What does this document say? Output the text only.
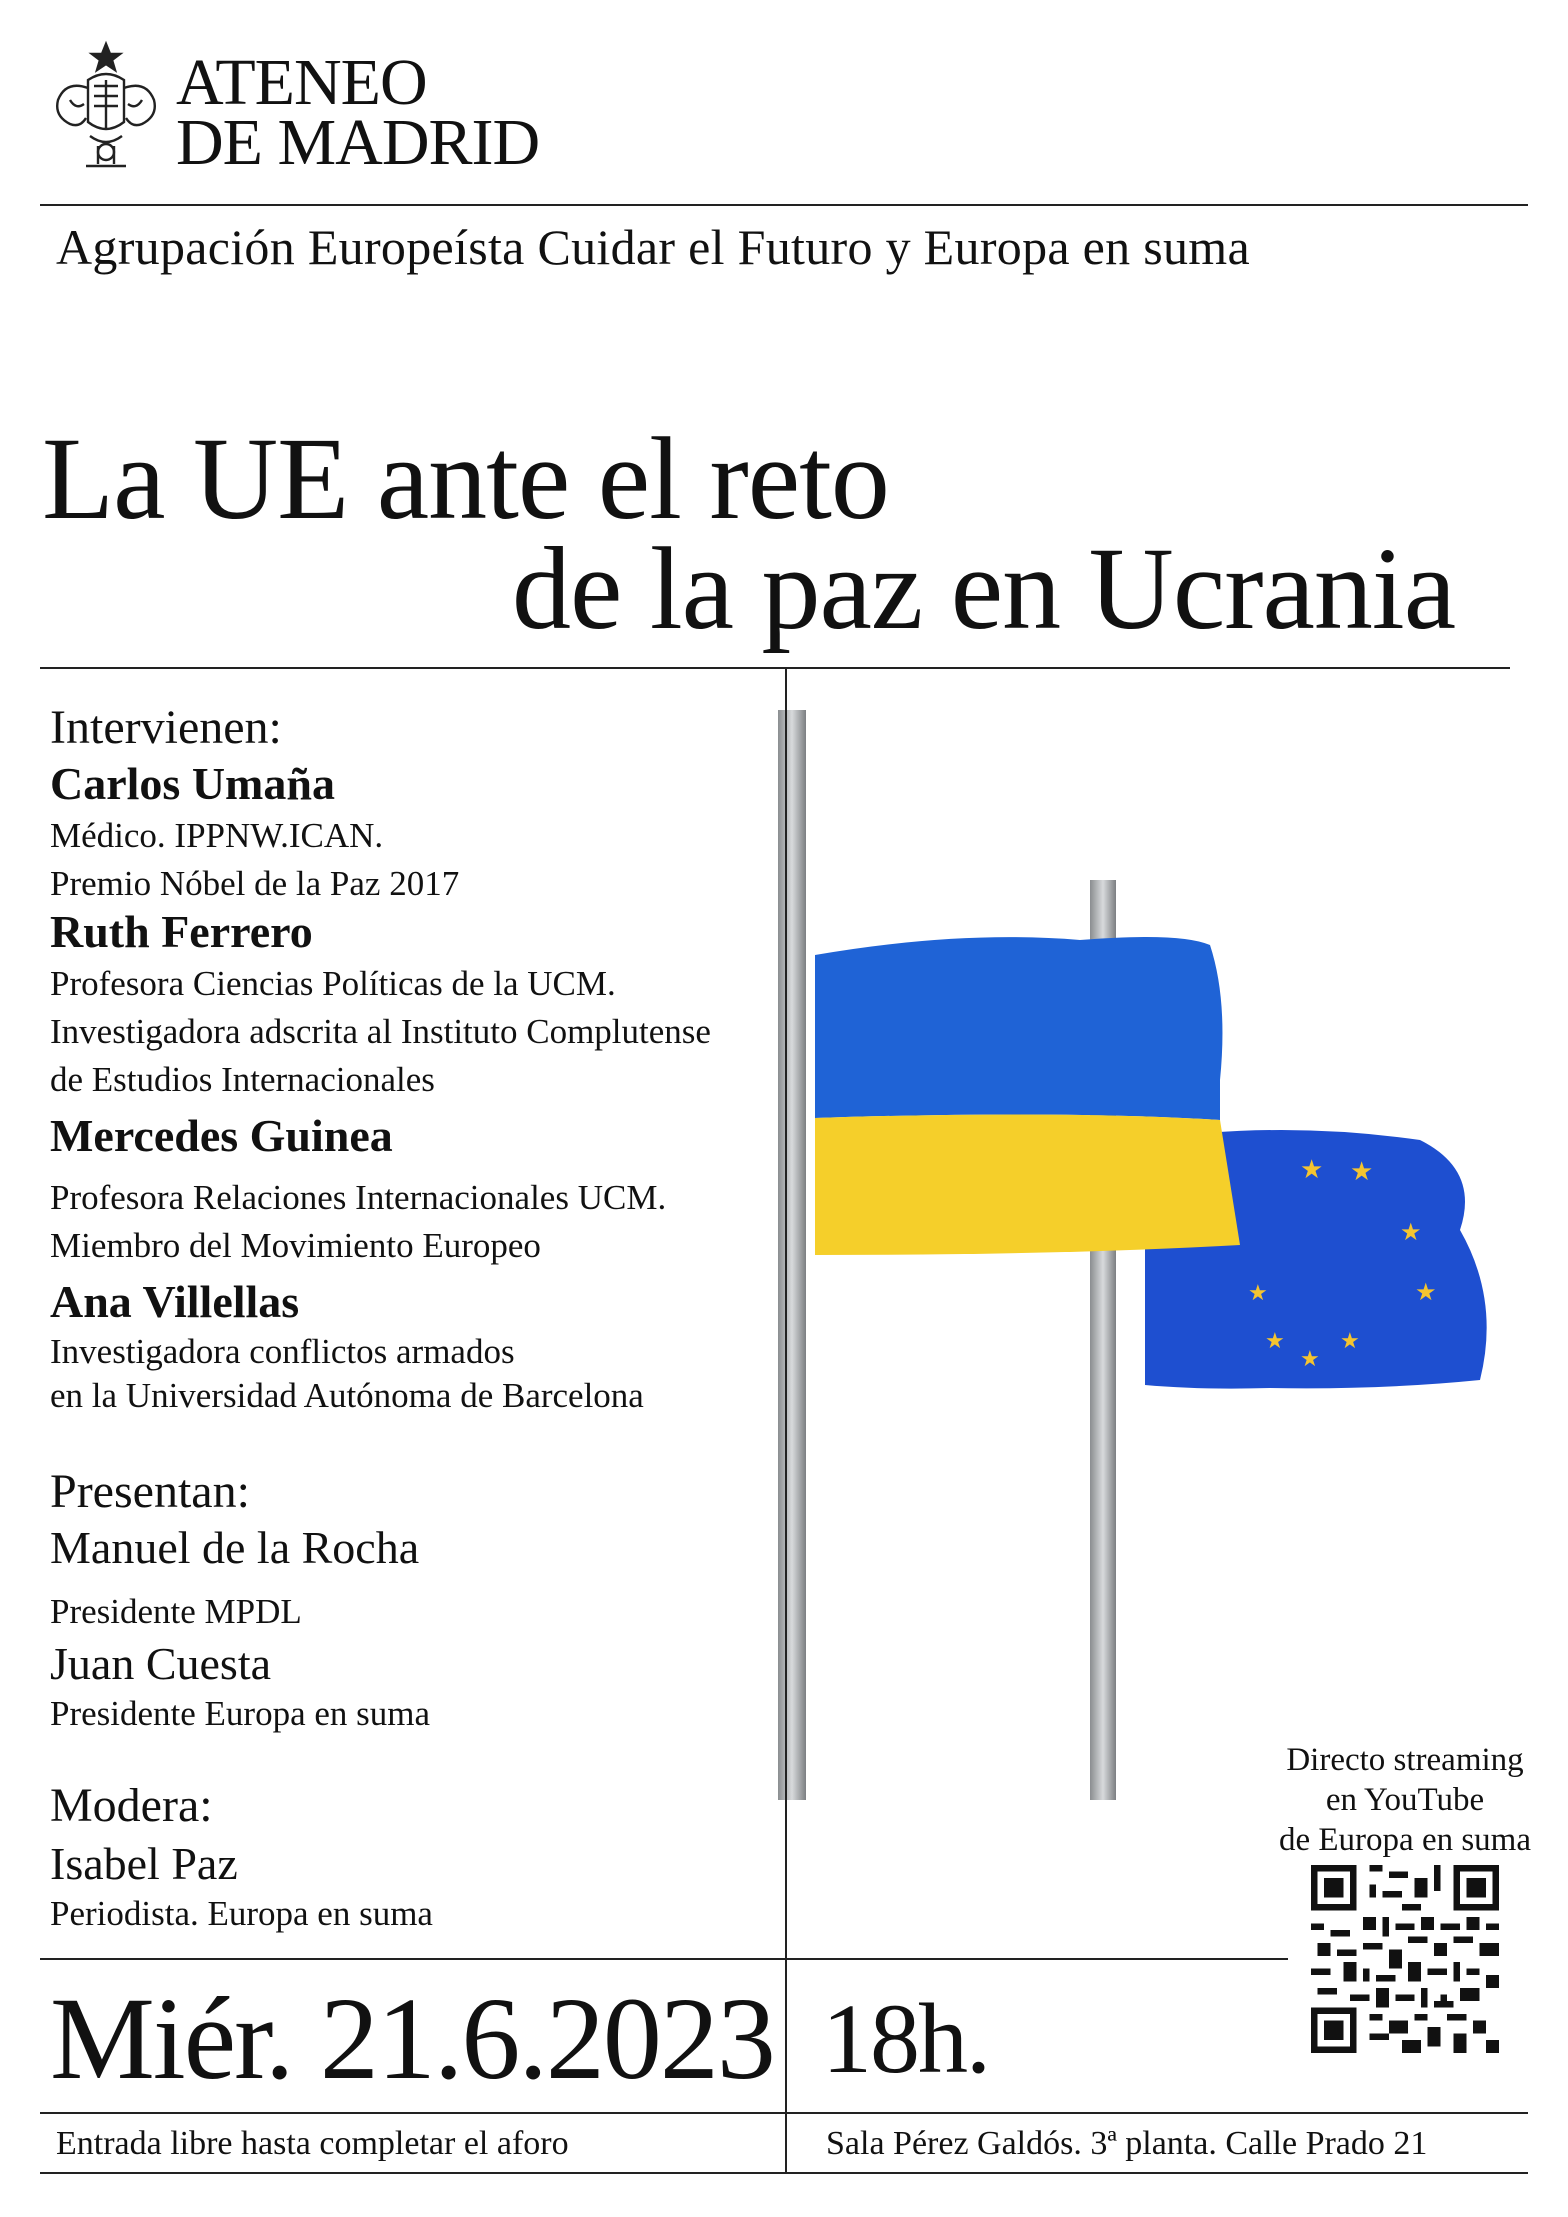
ATENEO
DE MADRID
Agrupación Europeísta Cuidar el Futuro y Europa en suma
La UE ante el reto
de la paz en Ucrania
★ ★
★
★
★
★
★
★
Intervienen:
Carlos Umaña
Médico. IPPNW.ICAN.
Premio Nóbel de la Paz 2017
Ruth Ferrero
Profesora Ciencias Políticas de la UCM.
Investigadora adscrita al Instituto Complutense
de Estudios Internacionales
Mercedes Guinea
Profesora Relaciones Internacionales UCM.
Miembro del Movimiento Europeo
Ana Villellas
Investigadora conflictos armados
en la Universidad Autónoma de Barcelona
Presentan:
Manuel de la Rocha
Presidente MPDL
Juan Cuesta
Presidente Europa en suma
Modera:
Isabel Paz
Periodista. Europa en suma
Directo streaming
en YouTube
de Europa en suma
Miér. 21.6.2023 18h.
Entrada libre hasta completar el aforo	Sala Pérez Galdós. 3ª planta. Calle Prado 21
